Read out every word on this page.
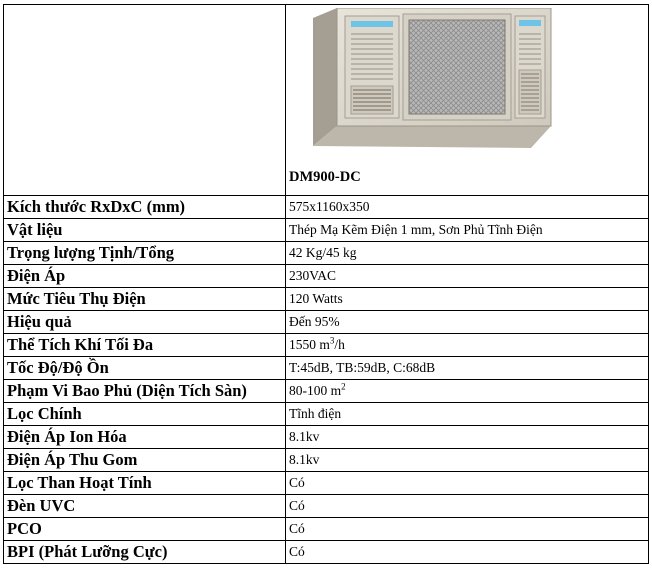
	DM900-DC

Kích thước RxDxC (mm)	575x1160x350
Vật liệu	Thép Mạ Kẽm Điện 1 mm, Sơn Phủ Tĩnh Điện
Trọng lượng Tịnh/Tổng	42 Kg/45 kg
Điện Áp	230VAC
Mức Tiêu Thụ Điện	120 Watts
Hiệu quả	Đến 95%
Thể Tích Khí Tối Đa	1550 $m^3/h$
Tốc Độ/Độ Ồn	T:45dB, TB:59dB, C:68dB
Phạm Vi Bao Phủ (Diện Tích Sàn)	80-100 $m^2$
Lọc Chính	Tĩnh điện
Điện Áp Ion Hóa	8.1kv
Điện Áp Thu Gom	8.1kv
Lọc Than Hoạt Tính	Có
Đèn UVC	Có
PCO	Có
BPI (Phát Lưỡng Cực)	Có
